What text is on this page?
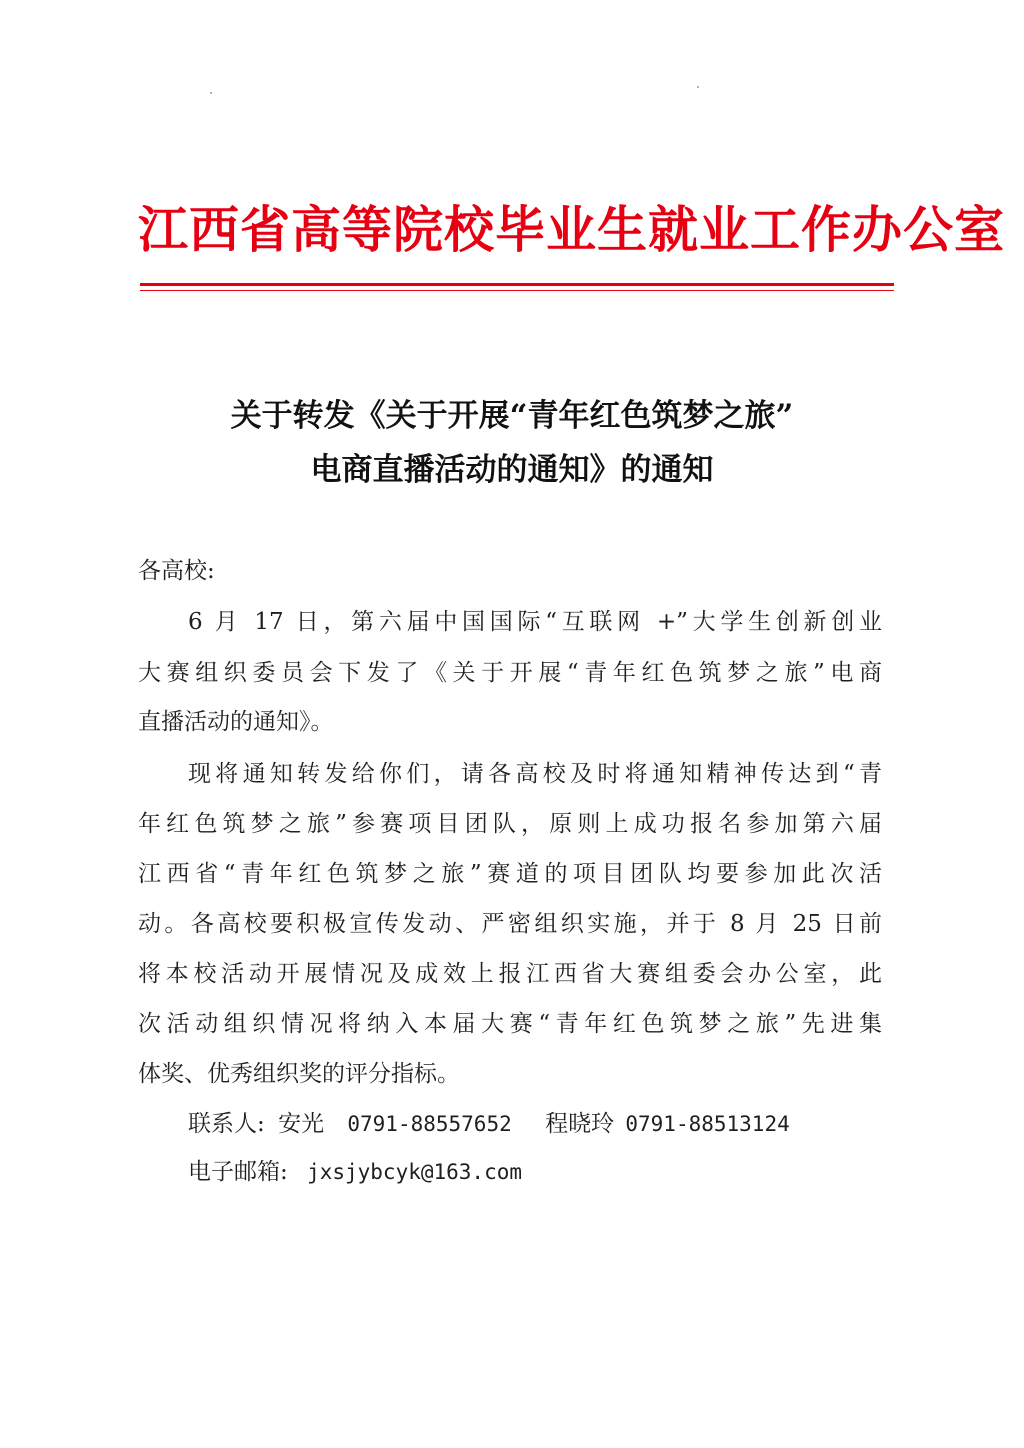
江西省高等院校毕业生就业工作办公室
关于转发《关于开展“青年红色筑梦之旅”
电商直播活动的通知》的通知
各高校:
6 月 17 日，第六届中国国际“互联网 +”大学生创新创业
大赛组织委员会下发了《关于开展“青年红色筑梦之旅”电商
直播活动的通知》。
现将通知转发给你们，请各高校及时将通知精神传达到“青
年红色筑梦之旅”参赛项目团队，原则上成功报名参加第六届
江西省“青年红色筑梦之旅”赛道的项目团队均要参加此次活
动。各高校要积极宣传发动、严密组织实施，并于 8 月 25 日前
将本校活动开展情况及成效上报江西省大赛组委会办公室，此
次活动组织情况将纳入本届大赛“青年红色筑梦之旅”先进集
体奖、优秀组织奖的评分指标。
联系人: 安光 0791-88557652 程晓玲 0791-88513124
电子邮箱: jxsjybcyk@163.com
